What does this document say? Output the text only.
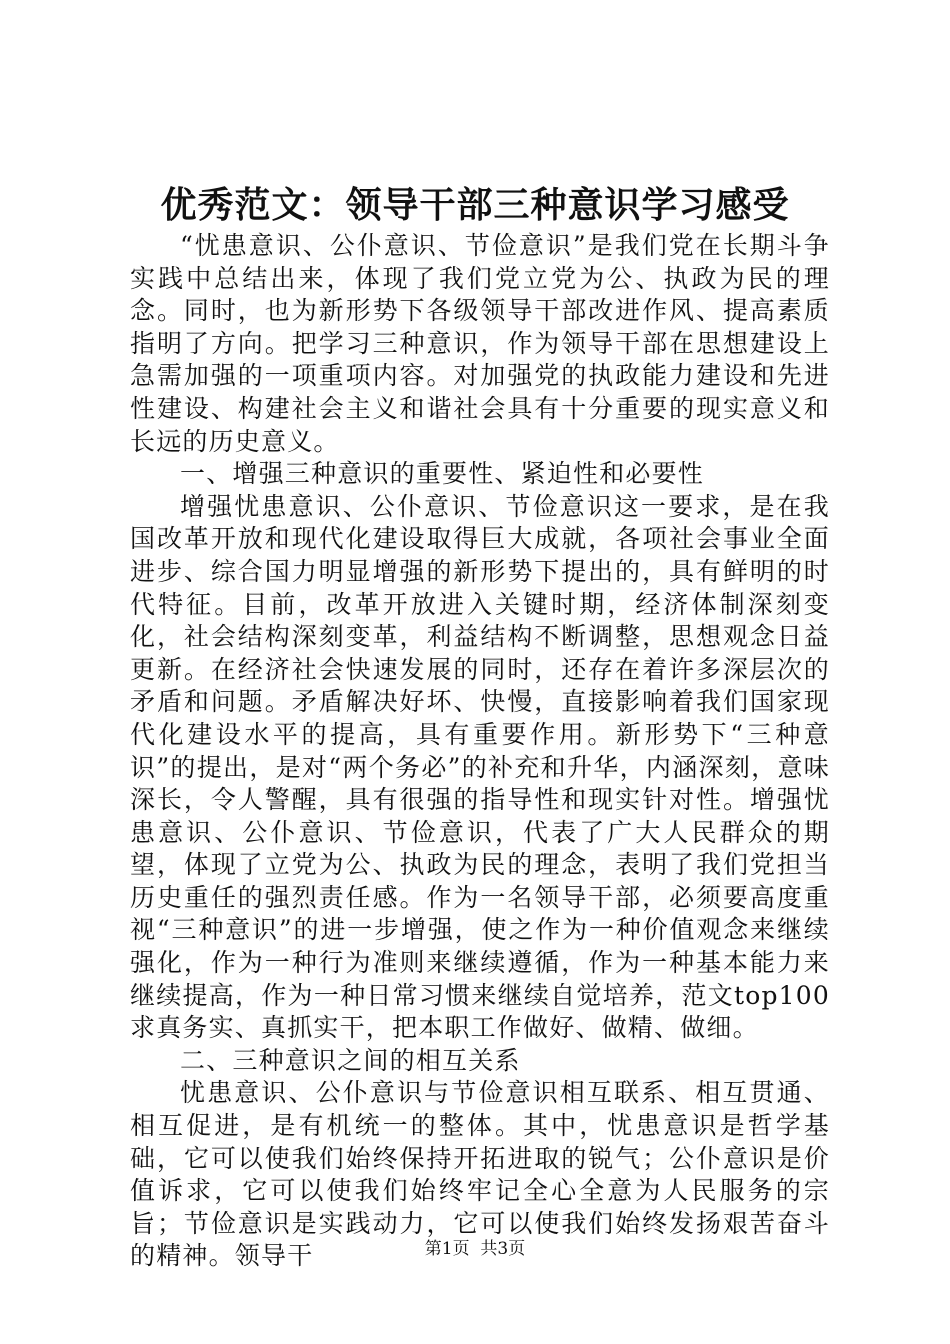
优秀范文：领导干部三种意识学习感受

“忧患意识、公仆意识、节俭意识”是我们党在长期斗争实践中总结出来，体现了我们党立党为公、执政为民的理念。同时，也为新形势下各级领导干部改进作风、提高素质指明了方向。把学习三种意识，作为领导干部在思想建设上急需加强的一项重项内容。对加强党的执政能力建设和先进性建设、构建社会主义和谐社会具有十分重要的现实意义和长远的历史意义。

一、增强三种意识的重要性、紧迫性和必要性

增强忧患意识、公仆意识、节俭意识这一要求，是在我国改革开放和现代化建设取得巨大成就，各项社会事业全面进步、综合国力明显增强的新形势下提出的，具有鲜明的时代特征。目前，改革开放进入关键时期，经济体制深刻变化，社会结构深刻变革，利益结构不断调整，思想观念日益更新。在经济社会快速发展的同时，还存在着许多深层次的矛盾和问题。矛盾解决好坏、快慢，直接影响着我们国家现代化建设水平的提高，具有重要作用。新形势下“三种意识”的提出，是对“两个务必”的补充和升华，内涵深刻，意味深长，令人警醒，具有很强的指导性和现实针对性。增强忧患意识、公仆意识、节俭意识，代表了广大人民群众的期望，体现了立党为公、执政为民的理念，表明了我们党担当历史重任的强烈责任感。作为一名领导干部，必须要高度重视“三种意识”的进一步增强，使之作为一种价值观念来继续强化，作为一种行为准则来继续遵循，作为一种基本能力来继续提高，作为一种日常习惯来继续自觉培养，范文top100求真务实、真抓实干，把本职工作做好、做精、做细。

二、三种意识之间的相互关系

忧患意识、公仆意识与节俭意识相互联系、相互贯通、相互促进，是有机统一的整体。其中，忧患意识是哲学基础，它可以使我们始终保持开拓进取的锐气；公仆意识是价值诉求，它可以使我们始终牢记全心全意为人民服务的宗旨；节俭意识是实践动力，它可以使我们始终发扬艰苦奋斗的精神。领导干	第1页 共3页
